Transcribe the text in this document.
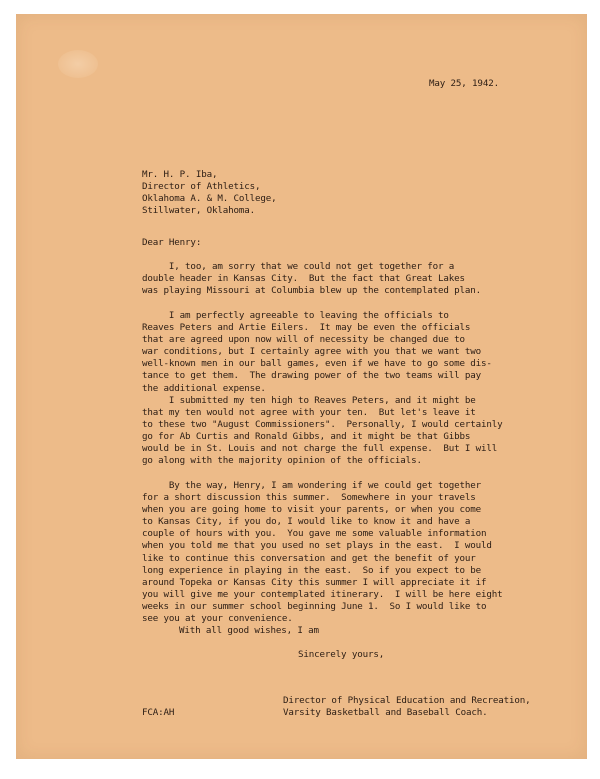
May 25, 1942.

Mr. H. P. Iba,
Director of Athletics,
Oklahoma A. & M. College,
Stillwater, Oklahoma.

Dear Henry:

I, too, am sorry that we could not get together for a
double header in Kansas City.  But the fact that Great Lakes
was playing Missouri at Columbia blew up the contemplated plan.

I am perfectly agreeable to leaving the officials to
Reaves Peters and Artie Eilers.  It may be even the officials
that are agreed upon now will of necessity be changed due to
war conditions, but I certainly agree with you that we want two
well-known men in our ball games, even if we have to go some dis-
tance to get them.  The drawing power of the two teams will pay
the additional expense.

I submitted my ten high to Reaves Peters, and it might be
that my ten would not agree with your ten.  But let's leave it
to these two "August Commissioners".  Personally, I would certainly
go for Ab Curtis and Ronald Gibbs, and it might be that Gibbs
would be in St. Louis and not charge the full expense.  But I will
go along with the majority opinion of the officials.

By the way, Henry, I am wondering if we could get together
for a short discussion this summer.  Somewhere in your travels
when you are going home to visit your parents, or when you come
to Kansas City, if you do, I would like to know it and have a
couple of hours with you.  You gave me some valuable information
when you told me that you used no set plays in the east.  I would
like to continue this conversation and get the benefit of your
long experience in playing in the east.  So if you expect to be
around Topeka or Kansas City this summer I will appreciate it if
you will give me your contemplated itinerary.  I will be here eight
weeks in our summer school beginning June 1.  So I would like to
see you at your convenience.

With all good wishes, I am

Sincerely yours,

Director of Physical Education and Recreation,
Varsity Basketball and Baseball Coach.

FCA:AH
